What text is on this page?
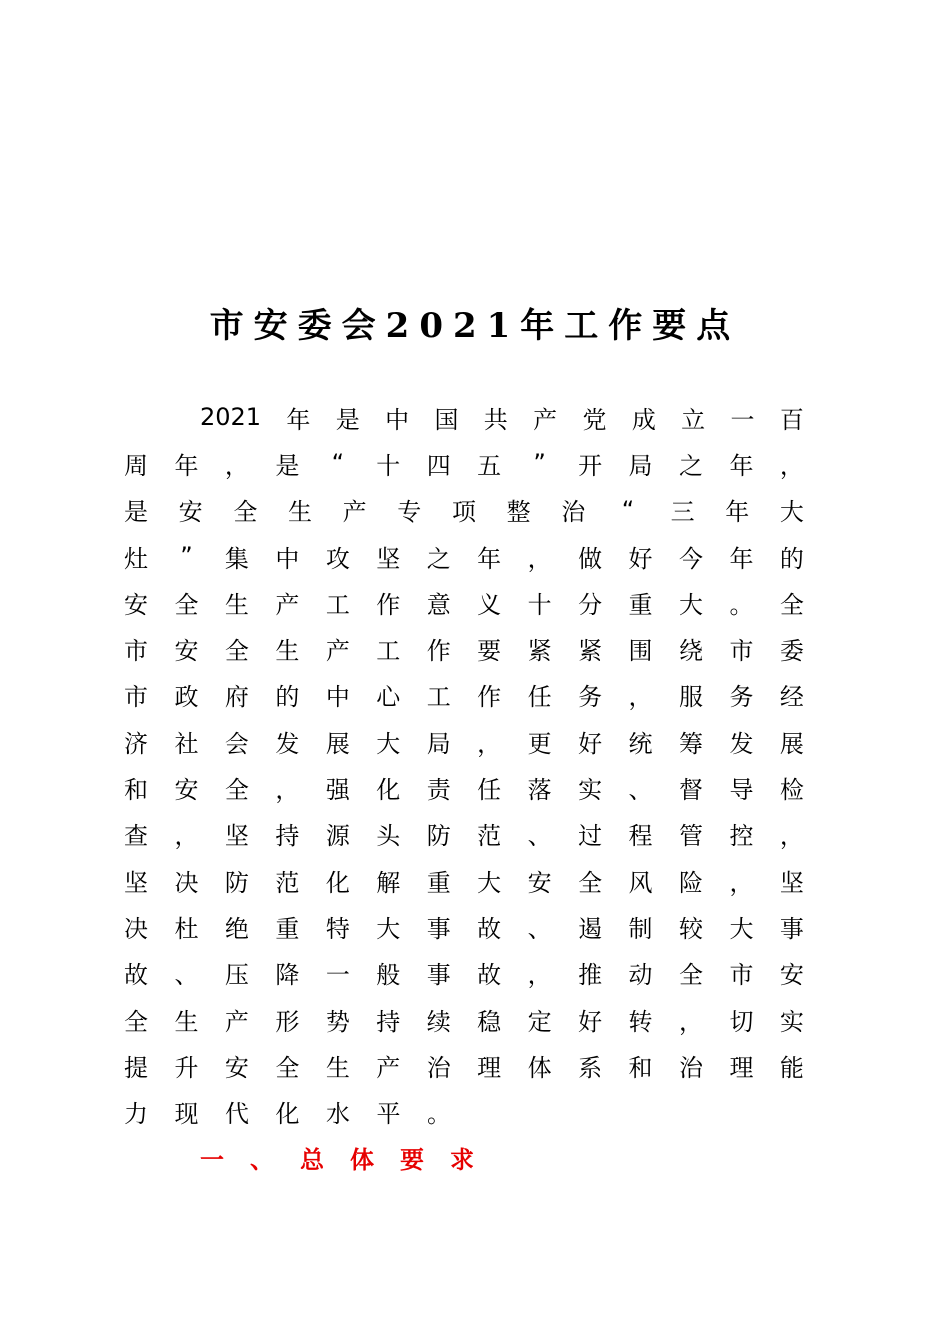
市安委会2021年工作要点
2021 年 是 中 国 共 产 党 成 立 一 百
周 年 ， 是 “ 十 四 五 ” 开 局 之 年 ，
是 安 全 生 产 专 项 整 治 “ 三 年 大
灶 ” 集 中 攻 坚 之 年 ， 做 好 今 年 的
安 全 生 产 工 作 意 义 十 分 重 大 。 全
市 安 全 生 产 工 作 要 紧 紧 围 绕 市 委
市 政 府 的 中 心 工 作 任 务 ， 服 务 经
济 社 会 发 展 大 局 ， 更 好 统 筹 发 展
和 安 全 ， 强 化 责 任 落 实 、 督 导 检
查 ， 坚 持 源 头 防 范 、 过 程 管 控 ，
坚 决 防 范 化 解 重 大 安 全 风 险 ， 坚
决 杜 绝 重 特 大 事 故 、 遏 制 较 大 事
故 、 压 降 一 般 事 故 ， 推 动 全 市 安
全 生 产 形 势 持 续 稳 定 好 转 ， 切 实
提 升 安 全 生 产 治 理 体 系 和 治 理 能
力 现 代 化 水 平 。
一 、 总 体 要 求
